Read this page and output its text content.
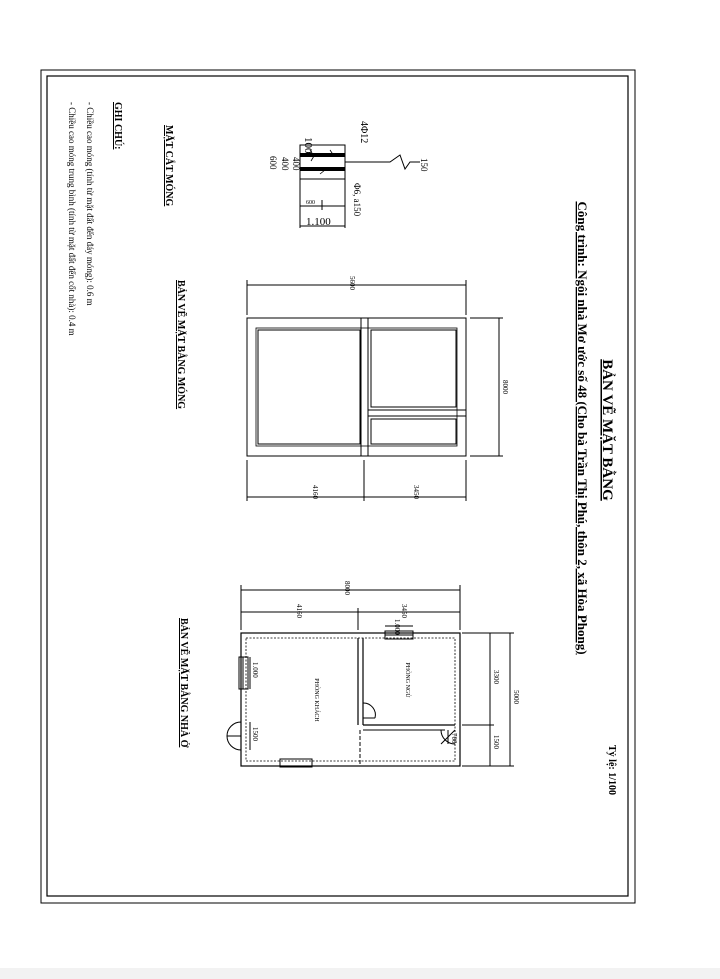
BẢN VẼ MẶT BẰNG
Công trình: Ngôi nhà Mơ ước số 48 (Cho bà Trần Thị Phú, thôn 2, xã Hòa Phong)
Tỷ lệ: 1/100
GHI CHÚ:
- Chiều cao móng (tính từ mặt đất đến đáy móng): 0.6 m
- Chiều cao móng trung bình (tính từ mặt đất đến cốt nhà): 0.4 m	100
4Φ12
150
400
400
600
600
Φ6, a150
1.100
MẶT CẮT MÓNG
5600
8000
4160	3450
BẢN VẼ MẶT BẰNG MÓNG
PHÒNG KHÁCH	PHÒNG NGỦ
8000
4160	3450
1.000
5000
3300
1500
1.000
1500	700
BẢN VẼ MẶT BẰNG NHÀ Ở
